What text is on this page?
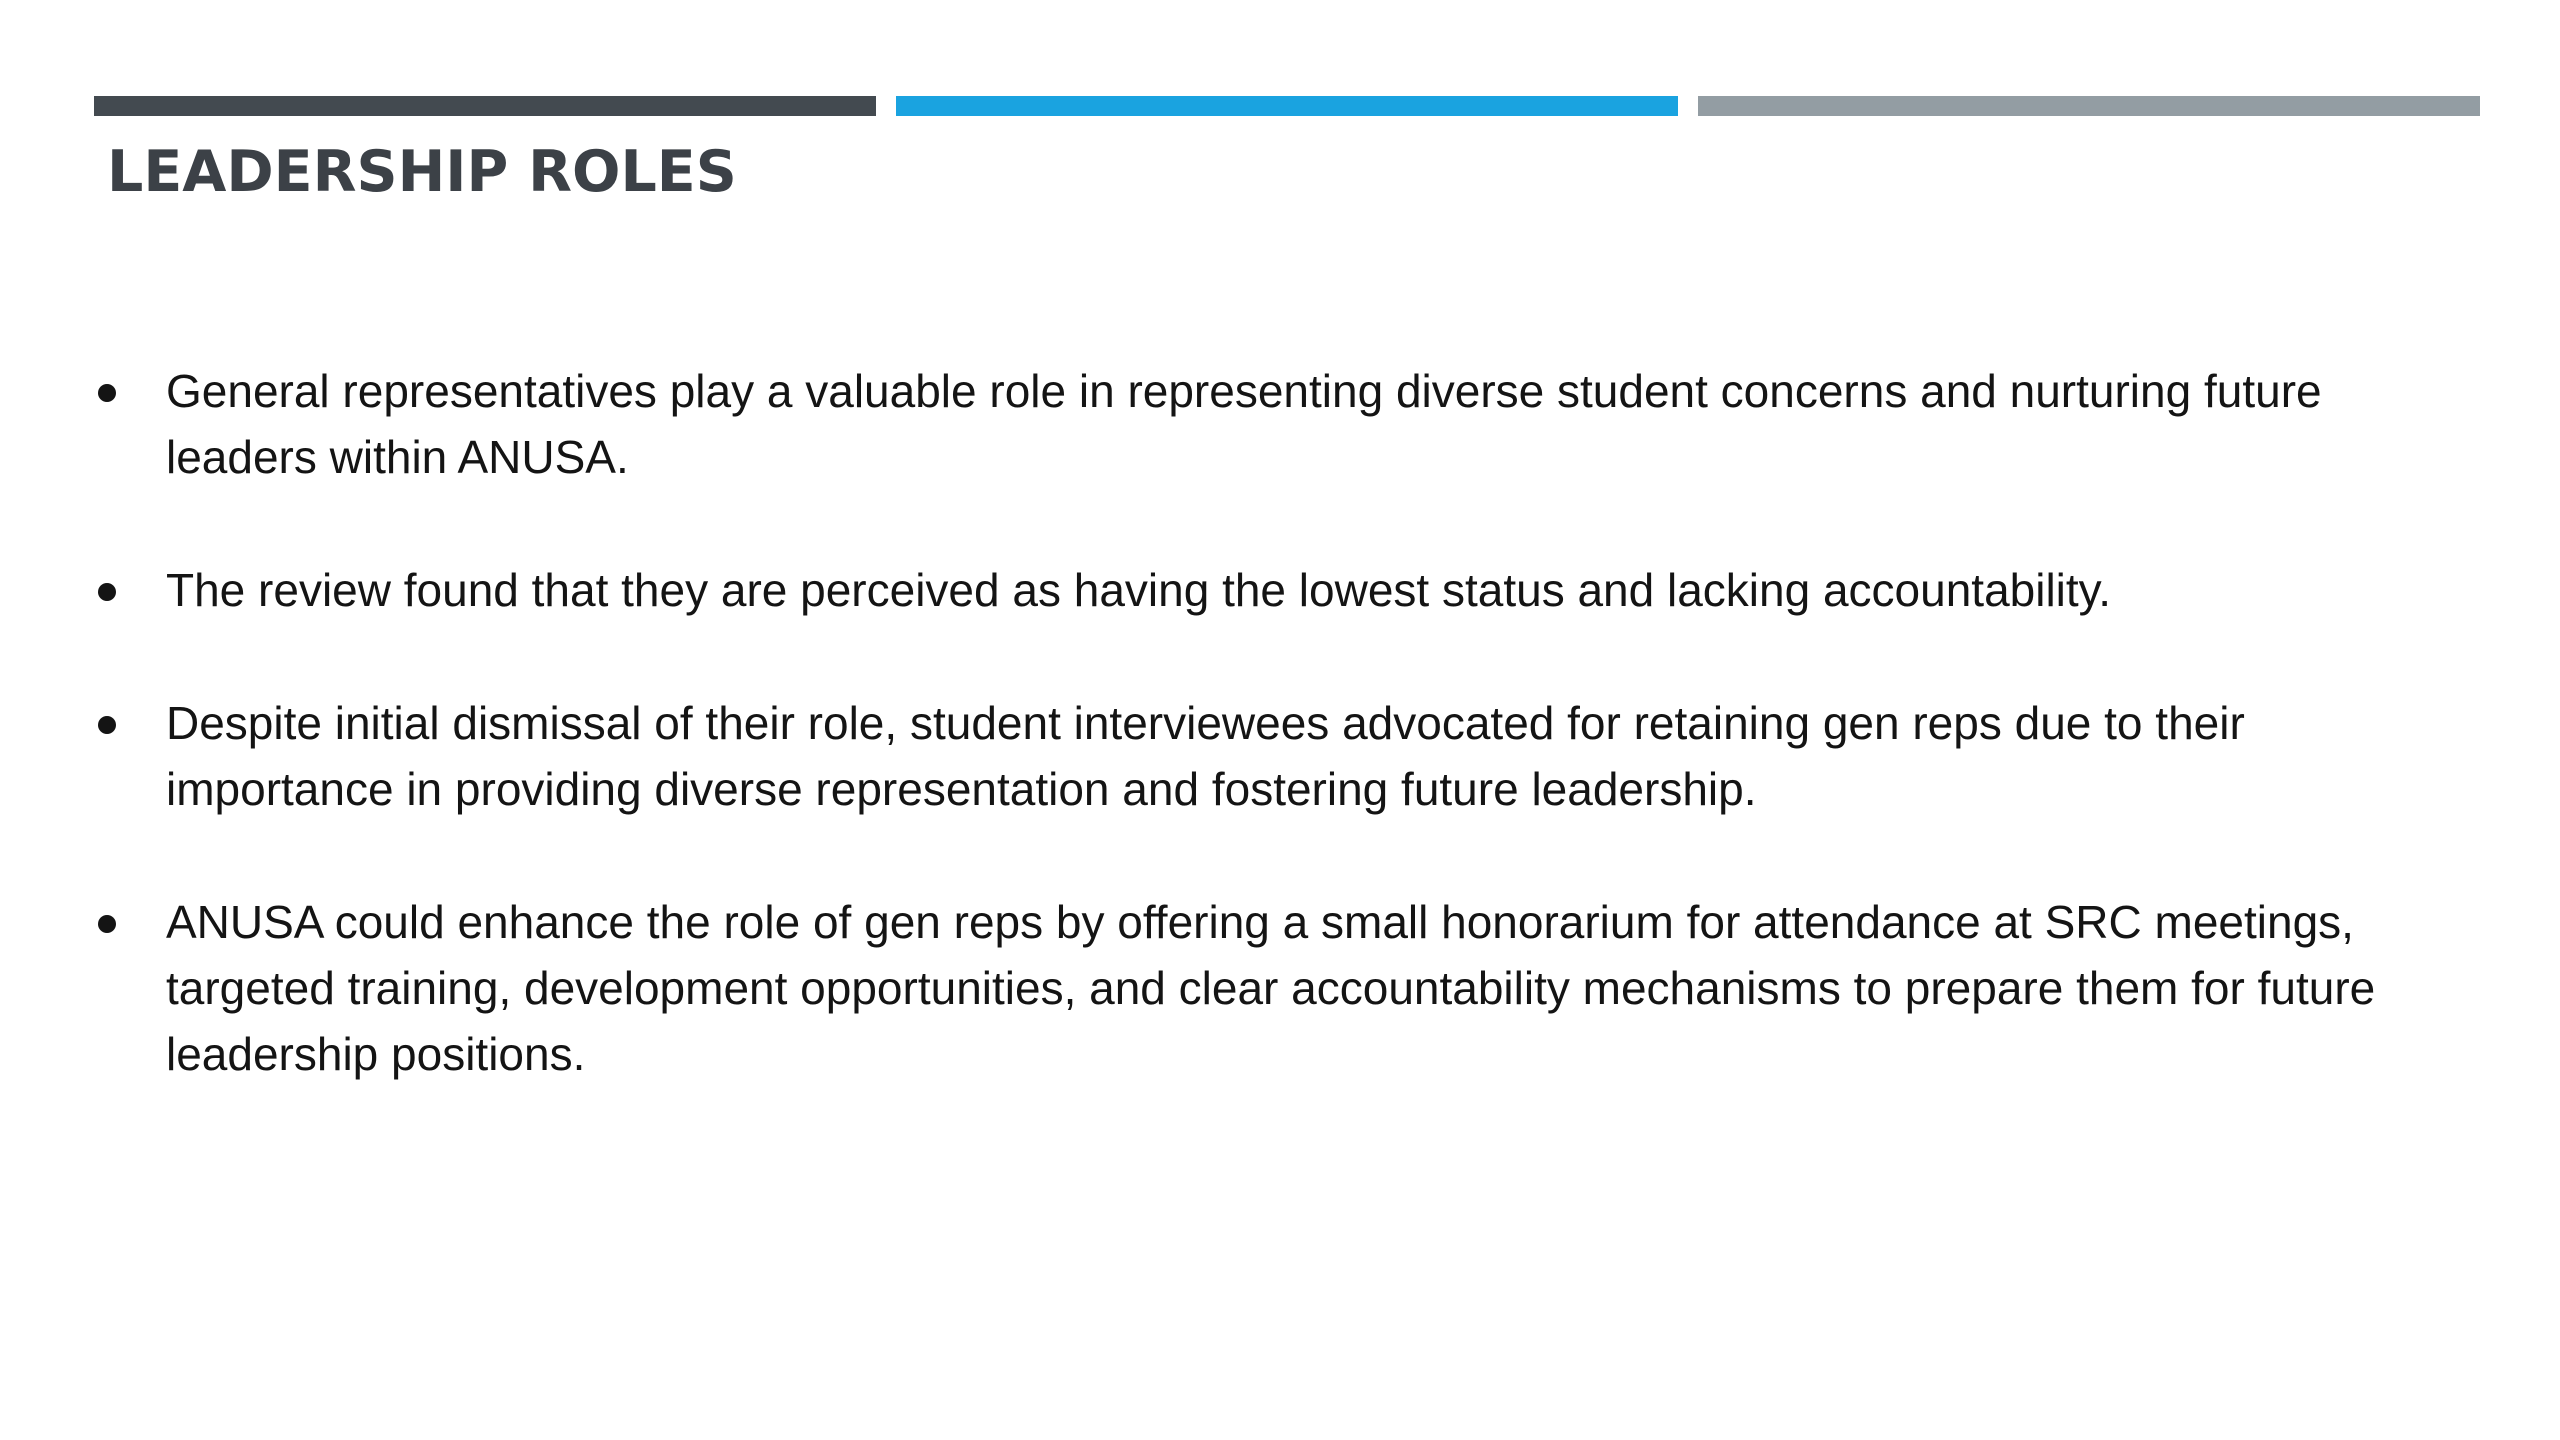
LEADERSHIP ROLES
General representatives play a valuable role in representing diverse student concerns and nurturing future leaders within ANUSA.
The review found that they are perceived as having the lowest status and lacking accountability.
Despite initial dismissal of their role, student interviewees advocated for retaining gen reps due to their importance in providing diverse representation and fostering future leadership.
ANUSA could enhance the role of gen reps by offering a small honorarium for attendance at SRC meetings, targeted training, development opportunities, and clear accountability mechanisms to prepare them for future leadership positions.
